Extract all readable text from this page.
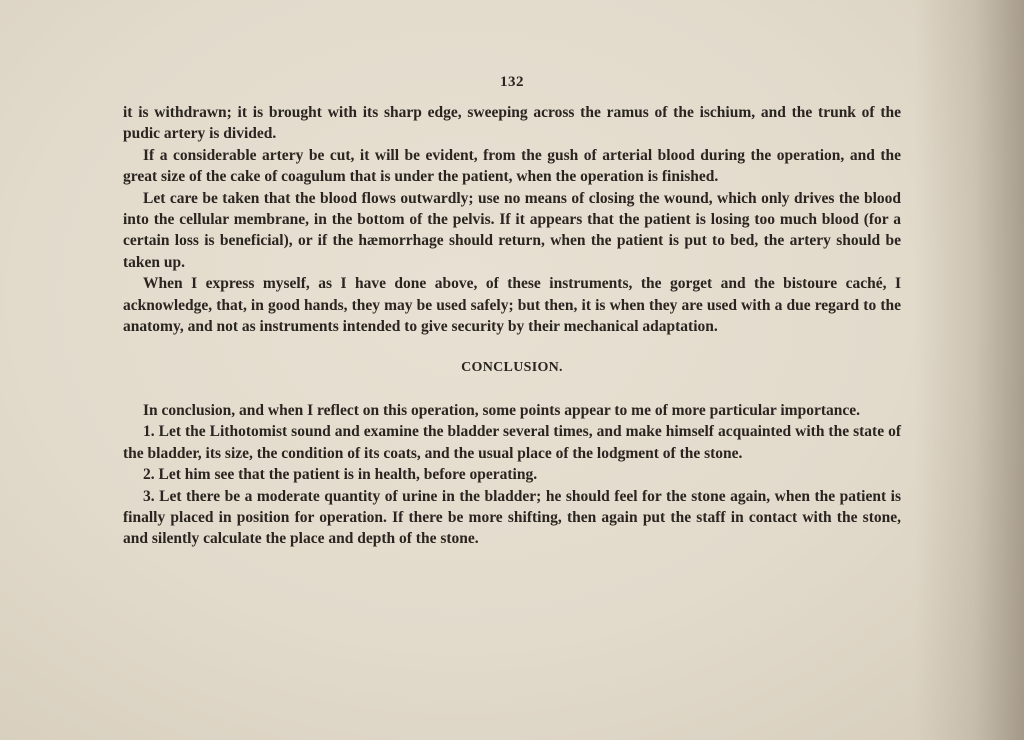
132

it is withdrawn; it is brought with its sharp edge, sweeping across the ramus of the ischium, and the trunk of the pudic artery is divided.

If a considerable artery be cut, it will be evident, from the gush of arterial blood during the operation, and the great size of the cake of coagulum that is under the patient, when the operation is finished.

Let care be taken that the blood flows outwardly; use no means of closing the wound, which only drives the blood into the cellular membrane, in the bottom of the pelvis. If it appears that the patient is losing too much blood (for a certain loss is beneficial), or if the hæmorrhage should return, when the patient is put to bed, the artery should be taken up.

When I express myself, as I have done above, of these instruments, the gorget and the bistoure caché, I acknowledge, that, in good hands, they may be used safely; but then, it is when they are used with a due regard to the anatomy, and not as instruments intended to give security by their mechanical adaptation.

CONCLUSION.

In conclusion, and when I reflect on this operation, some points appear to me of more particular importance.

1. Let the Lithotomist sound and examine the bladder several times, and make himself acquainted with the state of the bladder, its size, the condition of its coats, and the usual place of the lodgment of the stone.

2. Let him see that the patient is in health, before operating.

3. Let there be a moderate quantity of urine in the bladder; he should feel for the stone again, when the patient is finally placed in position for operation. If there be more shifting, then again put the staff in contact with the stone, and silently calculate the place and depth of the stone.
